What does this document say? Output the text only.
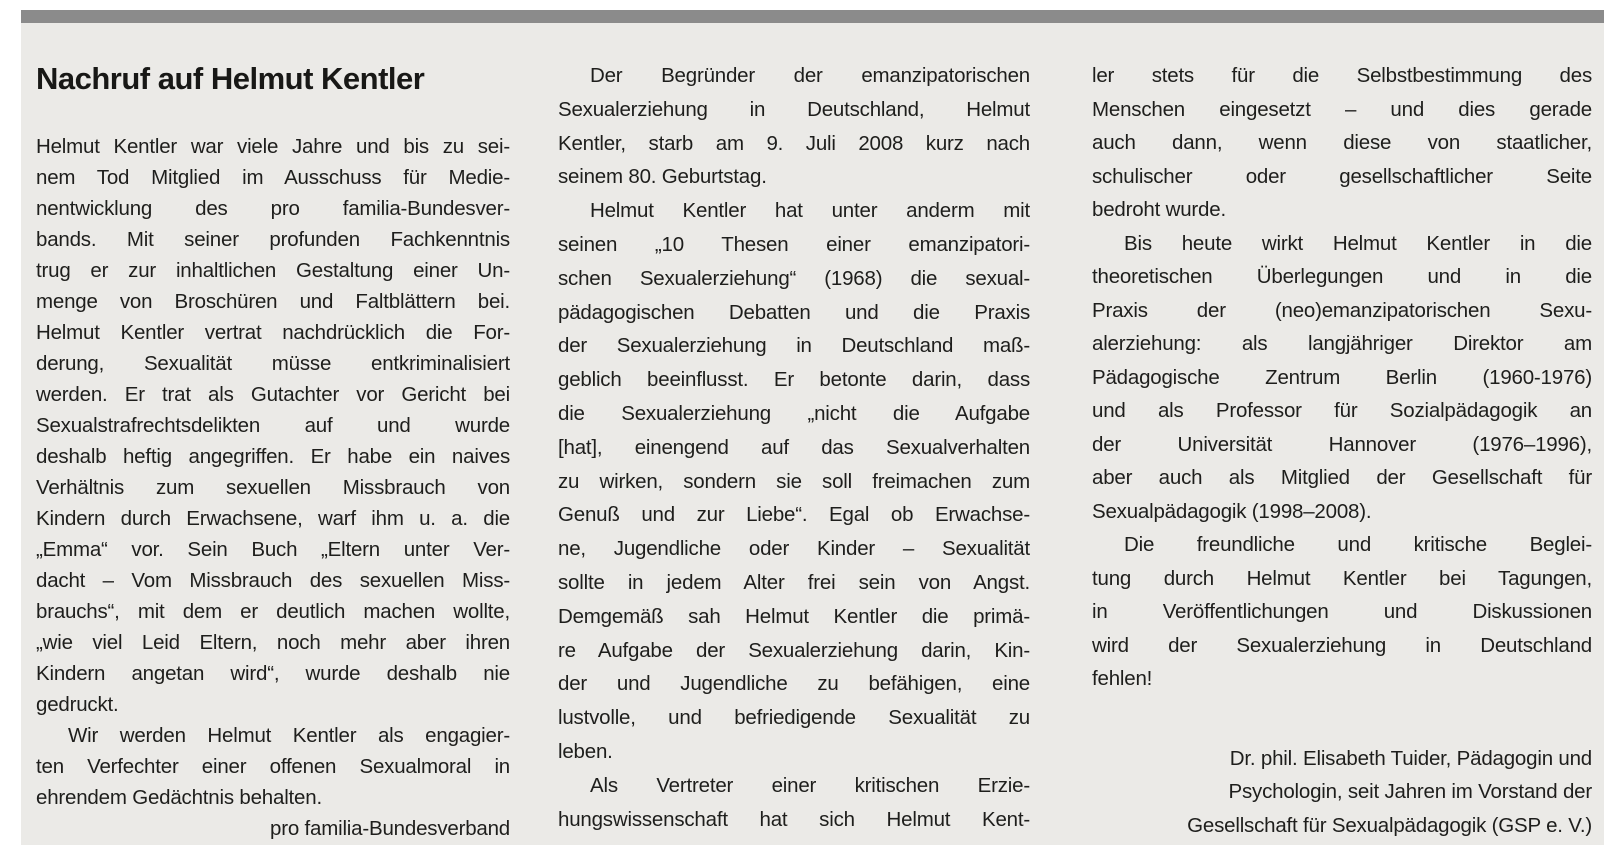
Nachruf auf Helmut Kentler
Helmut Kentler war viele Jahre und bis zu sei-
nem Tod Mitglied im Ausschuss für Medie-
nentwicklung des pro familia-Bundesver-
bands. Mit seiner profunden Fachkenntnis
trug er zur inhaltlichen Gestaltung einer Un-
menge von Broschüren und Faltblättern bei.
Helmut Kentler vertrat nachdrücklich die For-
derung, Sexualität müsse entkriminalisiert
werden. Er trat als Gutachter vor Gericht bei
Sexualstrafrechtsdelikten auf und wurde
deshalb heftig angegriffen. Er habe ein naives
Verhältnis zum sexuellen Missbrauch von
Kindern durch Erwachsene, warf ihm u. a. die
„Emma“ vor. Sein Buch „Eltern unter Ver-
dacht – Vom Missbrauch des sexuellen Miss-
brauchs“, mit dem er deutlich machen wollte,
„wie viel Leid Eltern, noch mehr aber ihren
Kindern angetan wird“, wurde deshalb nie
gedruckt.
Wir werden Helmut Kentler als engagier-
ten Verfechter einer offenen Sexualmoral in
ehrendem Gedächtnis behalten.
pro familia-Bundesverband
Der Begründer der emanzipatorischen
Sexualerziehung in Deutschland, Helmut
Kentler, starb am 9. Juli 2008 kurz nach
seinem 80. Geburtstag.
Helmut Kentler hat unter anderm mit
seinen „10 Thesen einer emanzipatori-
schen Sexualerziehung“ (1968) die sexual-
pädagogischen Debatten und die Praxis
der Sexualerziehung in Deutschland maß-
geblich beeinflusst. Er betonte darin, dass
die Sexualerziehung „nicht die Aufgabe
[hat], einengend auf das Sexualverhalten
zu wirken, sondern sie soll freimachen zum
Genuß und zur Liebe“. Egal ob Erwachse-
ne, Jugendliche oder Kinder – Sexualität
sollte in jedem Alter frei sein von Angst.
Demgemäß sah Helmut Kentler die primä-
re Aufgabe der Sexualerziehung darin, Kin-
der und Jugendliche zu befähigen, eine
lustvolle, und befriedigende Sexualität zu
leben.
Als Vertreter einer kritischen Erzie-
hungswissenschaft hat sich Helmut Kent-
ler stets für die Selbstbestimmung des
Menschen eingesetzt – und dies gerade
auch dann, wenn diese von staatlicher,
schulischer oder gesellschaftlicher Seite
bedroht wurde.
Bis heute wirkt Helmut Kentler in die
theoretischen Überlegungen und in die
Praxis der (neo)emanzipatorischen Sexu-
alerziehung: als langjähriger Direktor am
Pädagogische Zentrum Berlin (1960-1976)
und als Professor für Sozialpädagogik an
der Universität Hannover (1976–1996),
aber auch als Mitglied der Gesellschaft für
Sexualpädagogik (1998–2008).
Die freundliche und kritische Beglei-
tung durch Helmut Kentler bei Tagungen,
in Veröffentlichungen und Diskussionen
wird der Sexualerziehung in Deutschland
fehlen!
Dr. phil. Elisabeth Tuider, Pädagogin und
Psychologin, seit Jahren im Vorstand der
Gesellschaft für Sexualpädagogik (GSP e. V.)
